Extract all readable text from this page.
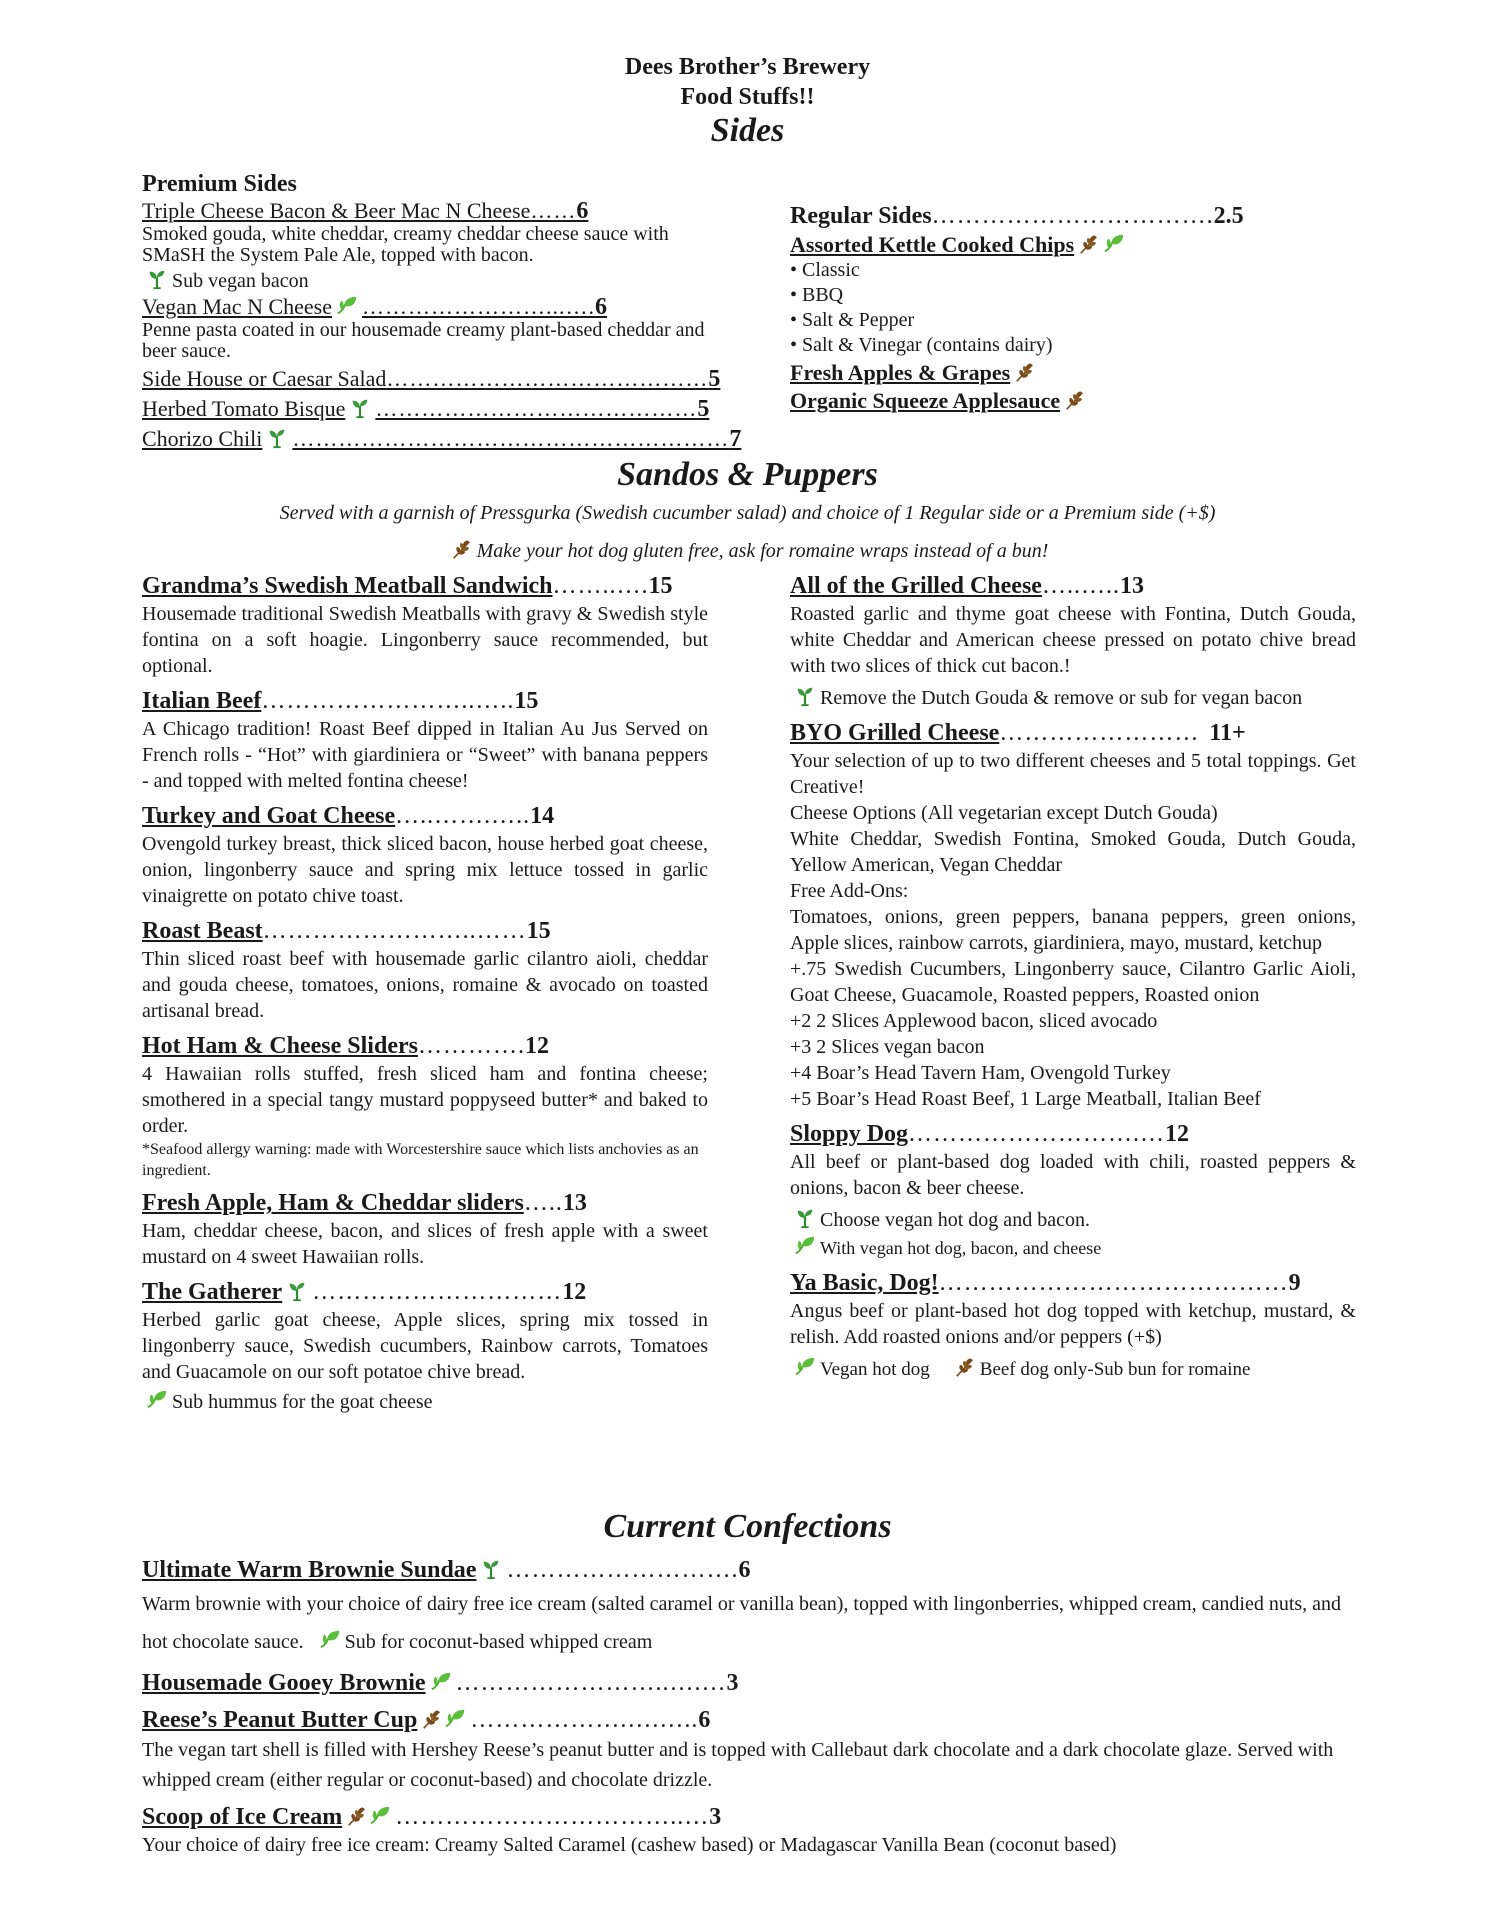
Dees Brother’s Brewery
Food Stuffs!!
Sides
Premium Sides
Triple Cheese Bacon & Beer Mac N Cheese……6
Smoked gouda, white cheddar, creamy cheddar cheese sauce with SMaSH the System Pale Ale, topped with bacon.
Sub vegan bacon
Vegan Mac N Cheese ……………………...….6
Penne pasta coated in our housemade creamy plant-based cheddar and beer sauce.
Side House or Caesar Salad……………………………………5
Herbed Tomato Bisque ……………………………………5
Chorizo Chili …………………………………………………7
Regular Sides…………………………….2.5
Assorted Kettle Cooked Chips
• Classic
• BBQ
• Salt & Pepper
• Salt & Vinegar (contains dairy)
Fresh Apples & Grapes
Organic Squeeze Applesauce
Sandos & Puppers
Served with a garnish of Pressgurka (Swedish cucumber salad) and choice of 1 Regular side or a Premium side (+$)
Make your hot dog gluten free, ask for romaine wraps instead of a bun!
Grandma’s Swedish Meatball Sandwich……..….15
Housemade traditional Swedish Meatballs with gravy & Swedish style fontina on a soft hoagie. Lingonberry sauce recommended, but optional.
Italian Beef……………………..…..15
A Chicago tradition! Roast Beef dipped in Italian Au Jus Served on French rolls - “Hot” with giardiniera or “Sweet” with banana peppers - and topped with melted fontina cheese!
Turkey and Goat Cheese…..…….…..14
Ovengold turkey breast, thick sliced bacon, house herbed goat cheese, onion, lingonberry sauce and spring mix lettuce tossed in garlic vinaigrette on potato chive toast.
Roast Beast……………………..……15
Thin sliced roast beef with housemade garlic cilantro aioli, cheddar and gouda cheese, tomatoes, onions, romaine & avocado on toasted artisanal bread.
Hot Ham & Cheese Sliders………….12
4 Hawaiian rolls stuffed, fresh sliced ham and fontina cheese; smothered in a special tangy mustard poppyseed butter* and baked to order.
*Seafood allergy warning: made with Worcestershire sauce which lists anchovies as an ingredient.
Fresh Apple, Ham & Cheddar sliders…..13
Ham, cheddar cheese, bacon, and slices of fresh apple with a sweet mustard on 4 sweet Hawaiian rolls.
The Gatherer …………………………12
Herbed garlic goat cheese, Apple slices, spring mix tossed in lingonberry sauce, Swedish cucumbers, Rainbow carrots, Tomatoes and Guacamole on our soft potatoe chive bread.
Sub hummus for the goat cheese
All of the Grilled Cheese…..…..13
Roasted garlic and thyme goat cheese with Fontina, Dutch Gouda, white Cheddar and American cheese pressed on potato chive bread with two slices of thick cut bacon.!
Remove the Dutch Gouda & remove or sub for vegan bacon
BYO Grilled Cheese…………………… 11+
Your selection of up to two different cheeses and 5 total toppings. Get Creative!
Cheese Options (All vegetarian except Dutch Gouda)
White Cheddar, Swedish Fontina, Smoked Gouda, Dutch Gouda, Yellow American, Vegan Cheddar
Free Add-Ons:
Tomatoes, onions, green peppers, banana peppers, green onions, Apple slices, rainbow carrots, giardiniera, mayo, mustard, ketchup
+.75 Swedish Cucumbers, Lingonberry sauce, Cilantro Garlic Aioli, Goat Cheese, Guacamole, Roasted peppers, Roasted onion
+2 2 Slices Applewood bacon, sliced avocado
+3 2 Slices vegan bacon
+4 Boar’s Head Tavern Ham, Ovengold Turkey
+5 Boar’s Head Roast Beef, 1 Large Meatball, Italian Beef
Sloppy Dog……………………….…12
All beef or plant-based dog loaded with chili, roasted peppers & onions, bacon & beer cheese.
Choose vegan hot dog and bacon.
With vegan hot dog, bacon, and cheese
Ya Basic, Dog!……………………………………9
Angus beef or plant-based hot dog topped with ketchup, mustard, & relish. Add roasted onions and/or peppers (+$)
Vegan hot dog	Beef dog only-Sub bun for romaine
Current Confections
Ultimate Warm Brownie Sundae ……………………….6
Warm brownie with your choice of dairy free ice cream (salted caramel or vanilla bean), topped with lingonberries, whipped cream, candied nuts, and hot chocolate sauce. Sub for coconut-based whipped cream
Housemade Gooey Brownie ……………………..….…3
Reese’s Peanut Butter Cup ……………….….…..6
The vegan tart shell is filled with Hershey Reese’s peanut butter and is topped with Callebaut dark chocolate and a dark chocolate glaze. Served with whipped cream (either regular or coconut-based) and chocolate drizzle.
Scoop of Ice Cream ……………………………..…3
Your choice of dairy free ice cream: Creamy Salted Caramel (cashew based) or Madagascar Vanilla Bean (coconut based)
